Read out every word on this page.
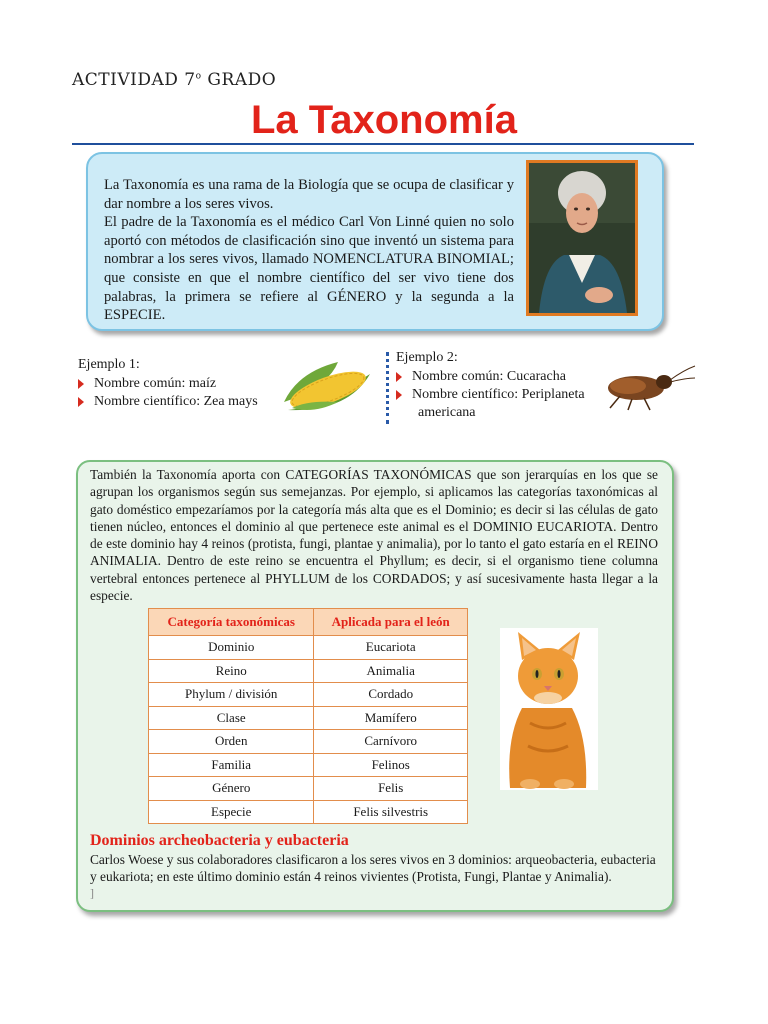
ACTIVIDAD 7$^o$ GRADO
La Taxonomía

La Taxonomía es una rama de la Biología que se ocupa de clasificar y dar nombre a los seres vivos.

El padre de la Taxonomía es el médico Carl Von Linné quien no solo aportó con métodos de clasificación sino que inventó un sistema para nombrar a los seres vivos, llamado NOMENCLATURA BINOMIAL; que consiste en que el nombre científico del ser vivo tiene dos palabras, la primera se refiere al GÉNERO y la segunda a la ESPECIE.

Ejemplo 1:
Nombre común: maíz
Nombre científico: Zea mays
Ejemplo 2:
Nombre común: Cucaracha
Nombre científico: Periplaneta
americana
También la Taxonomía aporta con CATEGORÍAS TAXONÓMICAS que son jerarquías en los que se agrupan los organismos según sus semejanzas. Por ejemplo, si aplicamos las categorías taxonómicas al gato doméstico empezaríamos por la categoría más alta que es el Dominio; es decir si las células de gato tienen núcleo, entonces el dominio al que pertenece este animal es el DOMINIO EUCARIOTA. Dentro de este dominio hay 4 reinos (protista, fungi, plantae y animalia), por lo tanto el gato estaría en el REINO ANIMALIA. Dentro de este reino se encuentra el Phyllum; es decir, si el organismo tiene columna vertebral entonces pertenece al PHYLLUM de los CORDADOS; y así sucesivamente hasta llegar a la especie.
Categoría taxonómicas	Aplicada para el león
Dominio	Eucariota
Reino	Animalia
Phylum / división	Cordado
Clase	Mamífero
Orden	Carnívoro
Familia	Felinos
Género	Felis
Especie	Felis silvestris
Dominios archeobacteria y eubacteria
Carlos Woese y sus colaboradores clasificaron a los seres vivos en 3 dominios: arqueobacteria, eubacteria y eukariota; en este último dominio están 4 reinos vivientes (Protista, Fungi, Plantae y Animalia).
]
